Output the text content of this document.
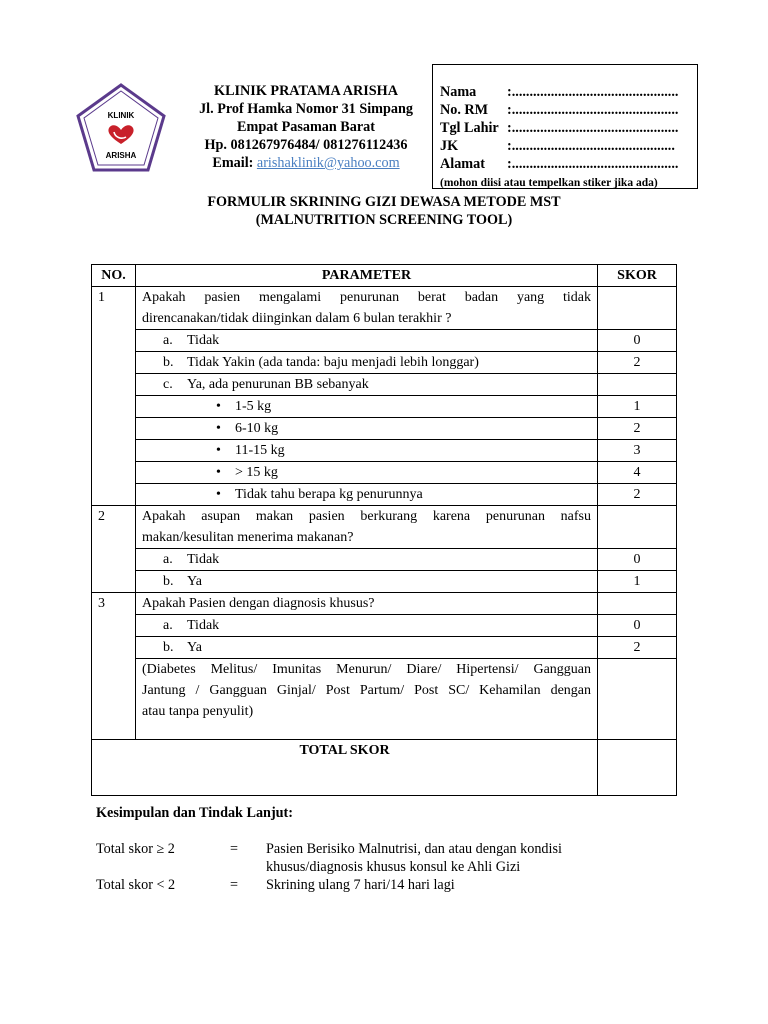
KLINIK
ARISHA
KLINIK PRATAMA ARISHA
Jl. Prof Hamka Nomor 31 Simpang
Empat Pasaman Barat
Hp. 081267976484/ 081276112436
Email: arishaklinik@yahoo.com
Nama	:...............................................
No. RM	:...............................................
Tgl Lahir :...............................................
JK	:..............................................
Alamat	:...............................................
(mohon diisi atau tempelkan stiker jika ada)
FORMULIR SKRINING GIZI DEWASA METODE MST
(MALNUTRITION SCREENING TOOL)
NO.	PARAMETER	SKOR
1	Apakah pasien mengalami penurunan berat badan yang tidak
direncanakan/tidak diinginkan dalam 6 bulan terakhir ?	

	a. Tidak	0
	b. Tidak Yakin (ada tanda: baju menjadi lebih longgar)	2
	c. Ya, ada penurunan BB sebanyak	
	• 1-5 kg	1
	• 6-10 kg	2
	• 11-15 kg	3
	• > 15 kg	4
	• Tidak tahu berapa kg penurunnya	2
2	Apakah asupan makan pasien berkurang karena penurunan nafsu
makan/kesulitan menerima makanan?	

	a. Tidak	0
	b. Ya	1
3	Apakah Pasien dengan diagnosis khusus?	
	a. Tidak	0
	b. Ya	2

	(Diabetes Melitus/ Imunitas Menurun/ Diare/ Hipertensi/ Gangguan
Jantung / Gangguan Ginjal/ Post Partum/ Post SC/ Kehamilan dengan
atau tanpa penyulit)	

TOTAL SKOR		
Kesimpulan dan Tindak Lanjut:
Total skor ≥ 2	=	Pasien Berisiko Malnutrisi, dan atau dengan kondisi
khusus/diagnosis khusus konsul ke Ahli Gizi
Total skor < 2	=	Skrining ulang 7 hari/14 hari lagi
